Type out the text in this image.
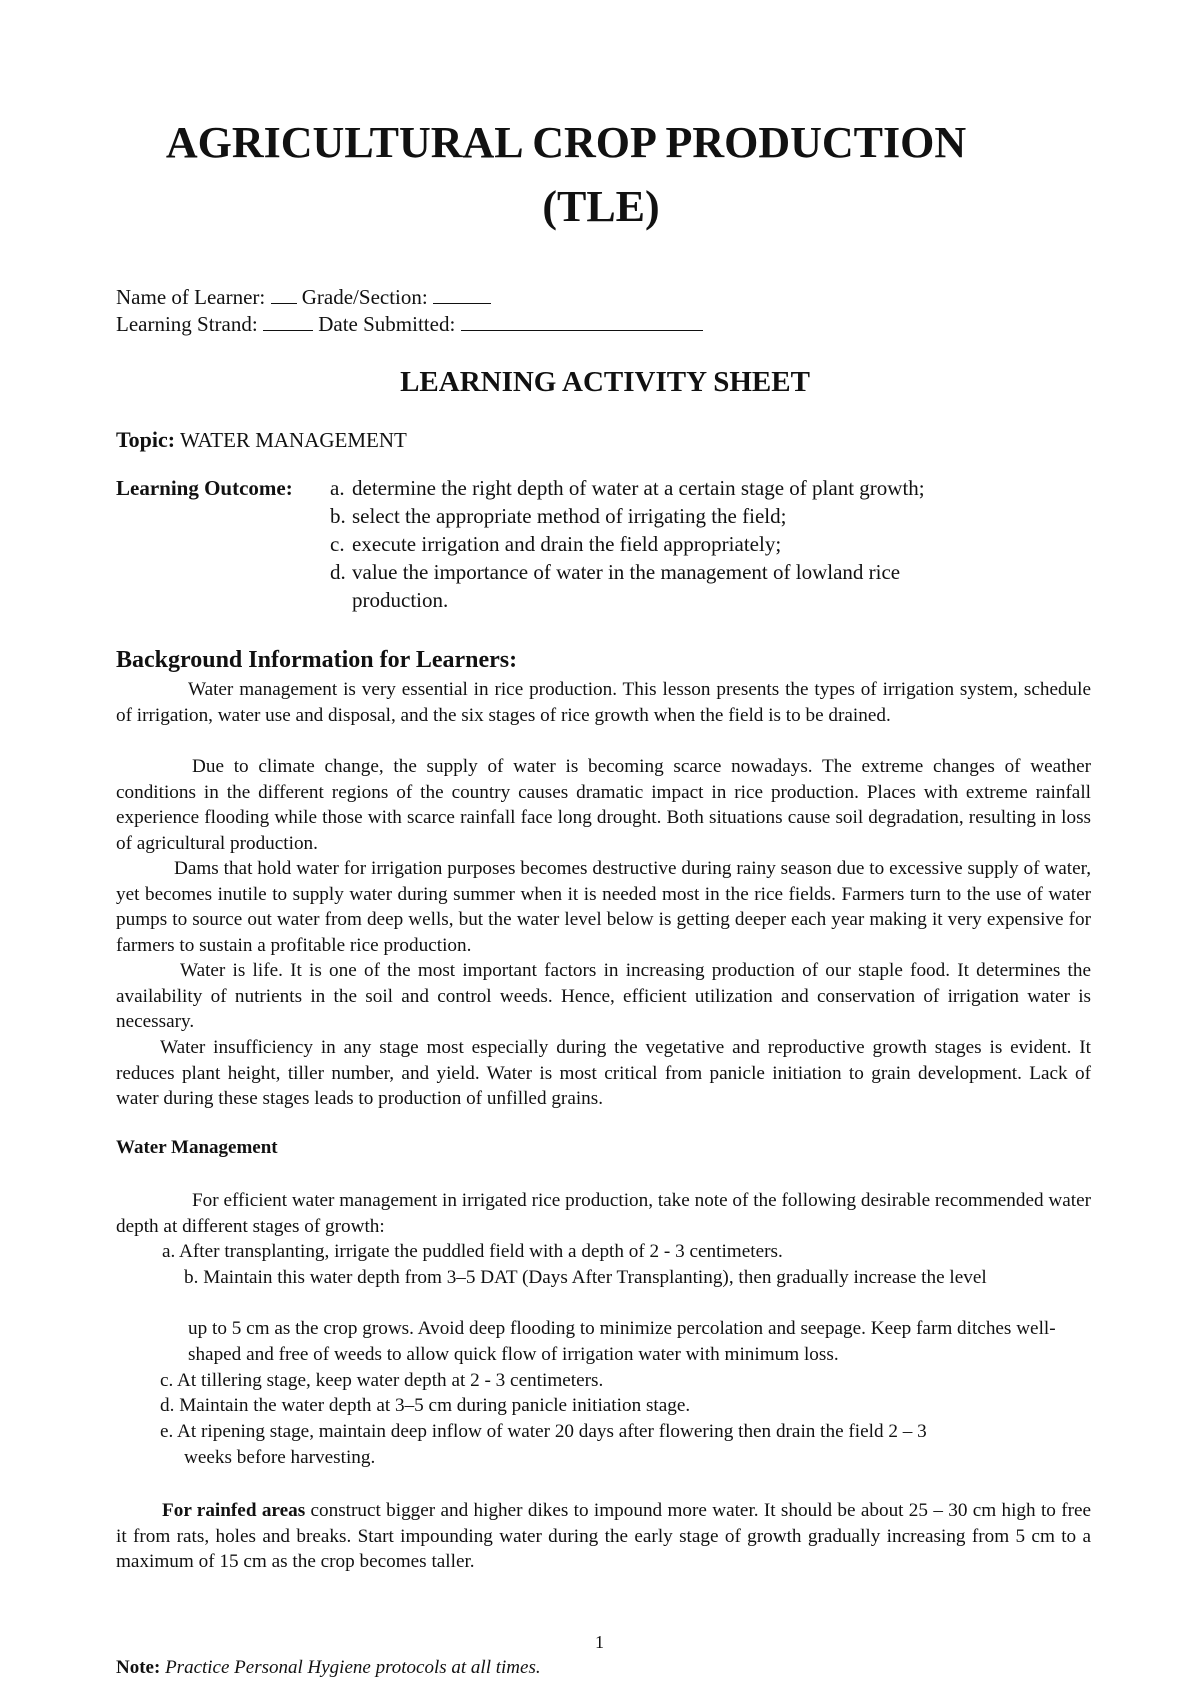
AGRICULTURAL CROP PRODUCTION
(TLE)
Name of Learner: Grade/Section:
Learning Strand:	Date Submitted:
LEARNING ACTIVITY SHEET
Topic: WATER MANAGEMENT
Learning Outcome: a. determine the right depth of water at a certain stage of plant growth;
b. select the appropriate method of irrigating the field;
c. execute irrigation and drain the field appropriately;
d. value the importance of water in the management of lowland rice
production.
Background Information for Learners:

Water management is very essential in rice production. This lesson presents the types of irrigation system, schedule of irrigation, water use and disposal, and the six stages of rice growth when the field is to be drained.

Due to climate change, the supply of water is becoming scarce nowadays. The extreme changes of weather conditions in the different regions of the country causes dramatic impact in rice production. Places with extreme rainfall experience flooding while those with scarce rainfall face long drought. Both situations cause soil degradation, resulting in loss of agricultural production.

Dams that hold water for irrigation purposes becomes destructive during rainy season due to excessive supply of water, yet becomes inutile to supply water during summer when it is needed most in the rice fields. Farmers turn to the use of water pumps to source out water from deep wells, but the water level below is getting deeper each year making it very expensive for farmers to sustain a profitable rice production.

Water is life. It is one of the most important factors in increasing production of our staple food. It determines the availability of nutrients in the soil and control weeds. Hence, efficient utilization and conservation of irrigation water is necessary.

Water insufficiency in any stage most especially during the vegetative and reproductive growth stages is evident. It reduces plant height, tiller number, and yield. Water is most critical from panicle initiation to grain development. Lack of water during these stages leads to production of unfilled grains.

Water Management

For efficient water management in irrigated rice production, take note of the following desirable recommended water depth at different stages of growth:

a. After transplanting, irrigate the puddled field with a depth of 2 - 3 centimeters.

b. Maintain this water depth from 3–5 DAT (Days After Transplanting), then gradually increase the level

up to 5 cm as the crop grows. Avoid deep flooding to minimize percolation and seepage. Keep farm ditches well-shaped and free of weeds to allow quick flow of irrigation water with minimum loss.

c. At tillering stage, keep water depth at 2 - 3 centimeters.

d. Maintain the water depth at 3–5 cm during panicle initiation stage.

e. At ripening stage, maintain deep inflow of water 20 days after flowering then drain the field 2 – 3

weeks before harvesting.

For rainfed areas construct bigger and higher dikes to impound more water. It should be about 25 – 30 cm high to free it from rats, holes and breaks. Start impounding water during the early stage of growth gradually increasing from 5 cm to a maximum of 15 cm as the crop becomes taller.

1
Note: Practice Personal Hygiene protocols at all times.
